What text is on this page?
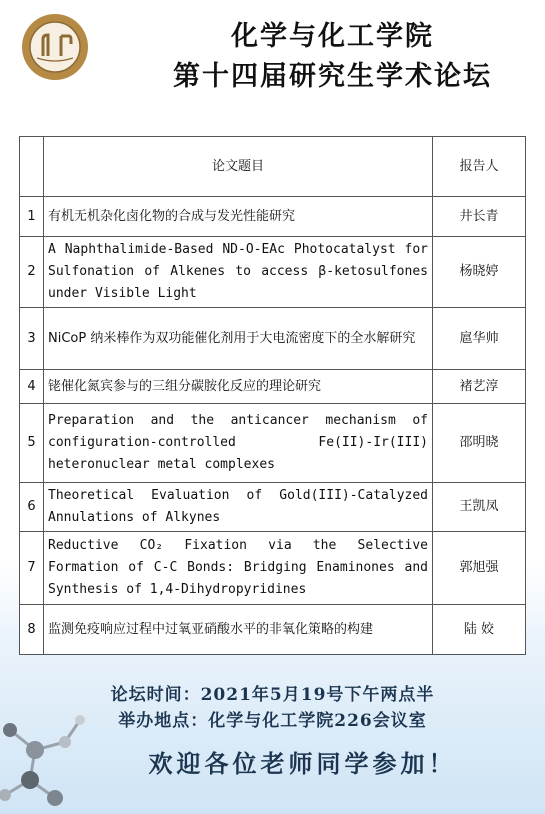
化学与化工学院
第十四届研究生学术论坛
	论文题目	报告人
1	有机无机杂化卤化物的合成与发光性能研究	井长青
2	A Naphthalimide-Based ND-O-EAc Photocatalyst for Sulfonation of Alkenes to access β-ketosulfones under Visible Light	杨晓婷
3	NiCoP 纳米棒作为双功能催化剂用于大电流密度下的全水解研究	扈华帅
4	铑催化氮宾参与的三组分碳胺化反应的理论研究	褚艺淳
5	Preparation and the anticancer mechanism of configuration-controlled Fe(II)-Ir(III) heteronuclear metal complexes	邵明晓
6	Theoretical Evaluation of Gold(III)-Catalyzed Annulations of Alkynes	王凯凤
7	Reductive CO₂ Fixation via the Selective Formation of C-C Bonds: Bridging Enaminones and Synthesis of 1,4-Dihydropyridines	郭旭强
8	监测免疫响应过程中过氧亚硝酸水平的非氧化策略的构建	陆 姣
论坛时间：2021年5月19号下午两点半
举办地点：化学与化工学院226会议室
欢迎各位老师同学参加！
